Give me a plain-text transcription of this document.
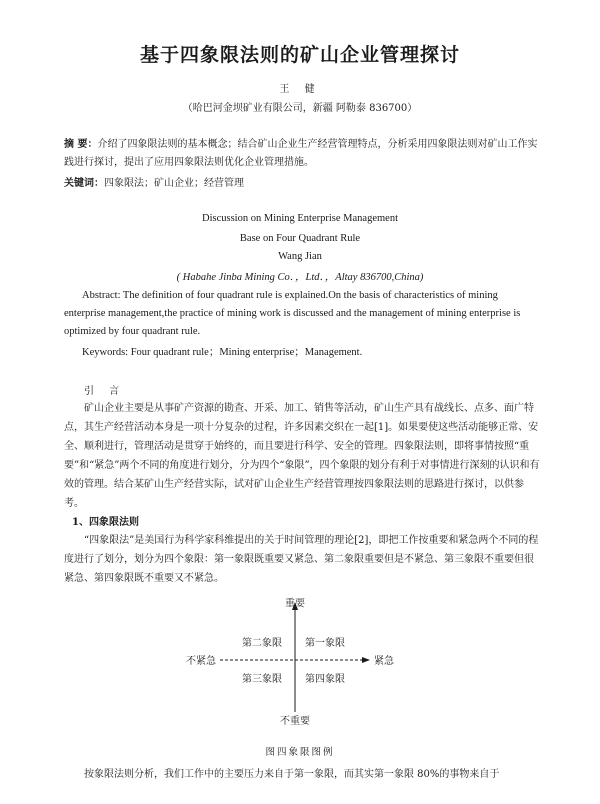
基于四象限法则的矿山企业管理探讨
王 健
（哈巴河金坝矿业有限公司，新疆 阿勒泰 836700）
摘 要：介绍了四象限法则的基本概念；结合矿山企业生产经营管理特点，分析采用四象限法则对矿山工作实践进行探讨，提出了应用四象限法则优化企业管理措施。
关键词：四象限法；矿山企业；经营管理
Discussion on Mining Enterprise Management
Base on Four Quadrant Rule
Wang Jian
( Habahe Jinba Mining Co．，Ltd．，Altay 836700,China)
Abstract: The definition of four quadrant rule is explained.On the basis of characteristics of mining enterprise management,the practice of mining work is discussed and the management of mining enterprise is optimized by four quadrant rule.
Keywords: Four quadrant rule；Mining enterprise；Management.
引 言
矿山企业主要是从事矿产资源的勘查、开采、加工、销售等活动，矿山生产具有战线长、点多、面广特点，其生产经营活动本身是一项十分复杂的过程，许多因素交织在一起[1]。如果要使这些活动能够正常、安全、顺利进行，管理活动是贯穿于始终的，而且要进行科学、安全的管理。四象限法则，即将事情按照“重要”和“紧急”两个不同的角度进行划分，分为四个“象限”，四个象限的划分有利于对事情进行深刻的认识和有效的管理。结合某矿山生产经营实际，试对矿山企业生产经营管理按四象限法则的思路进行探讨，以供参考。
1、四象限法则
“四象限法”是美国行为科学家科维提出的关于时间管理的理论[2]，即把工作按重要和紧急两个不同的程度进行了划分，划分为四个象限：第一象限既重要又紧急、第二象限重要但是不紧急、第三象限不重要但很紧急、第四象限既不重要又不紧急。
重要
不重要
不紧急	紧急
第一象限
第二象限
第三象限 第四象限
图四象限图例
按象限法则分析，我们工作中的主要压力来自于第一象限，而其实第一象限 80%的事物来自于
